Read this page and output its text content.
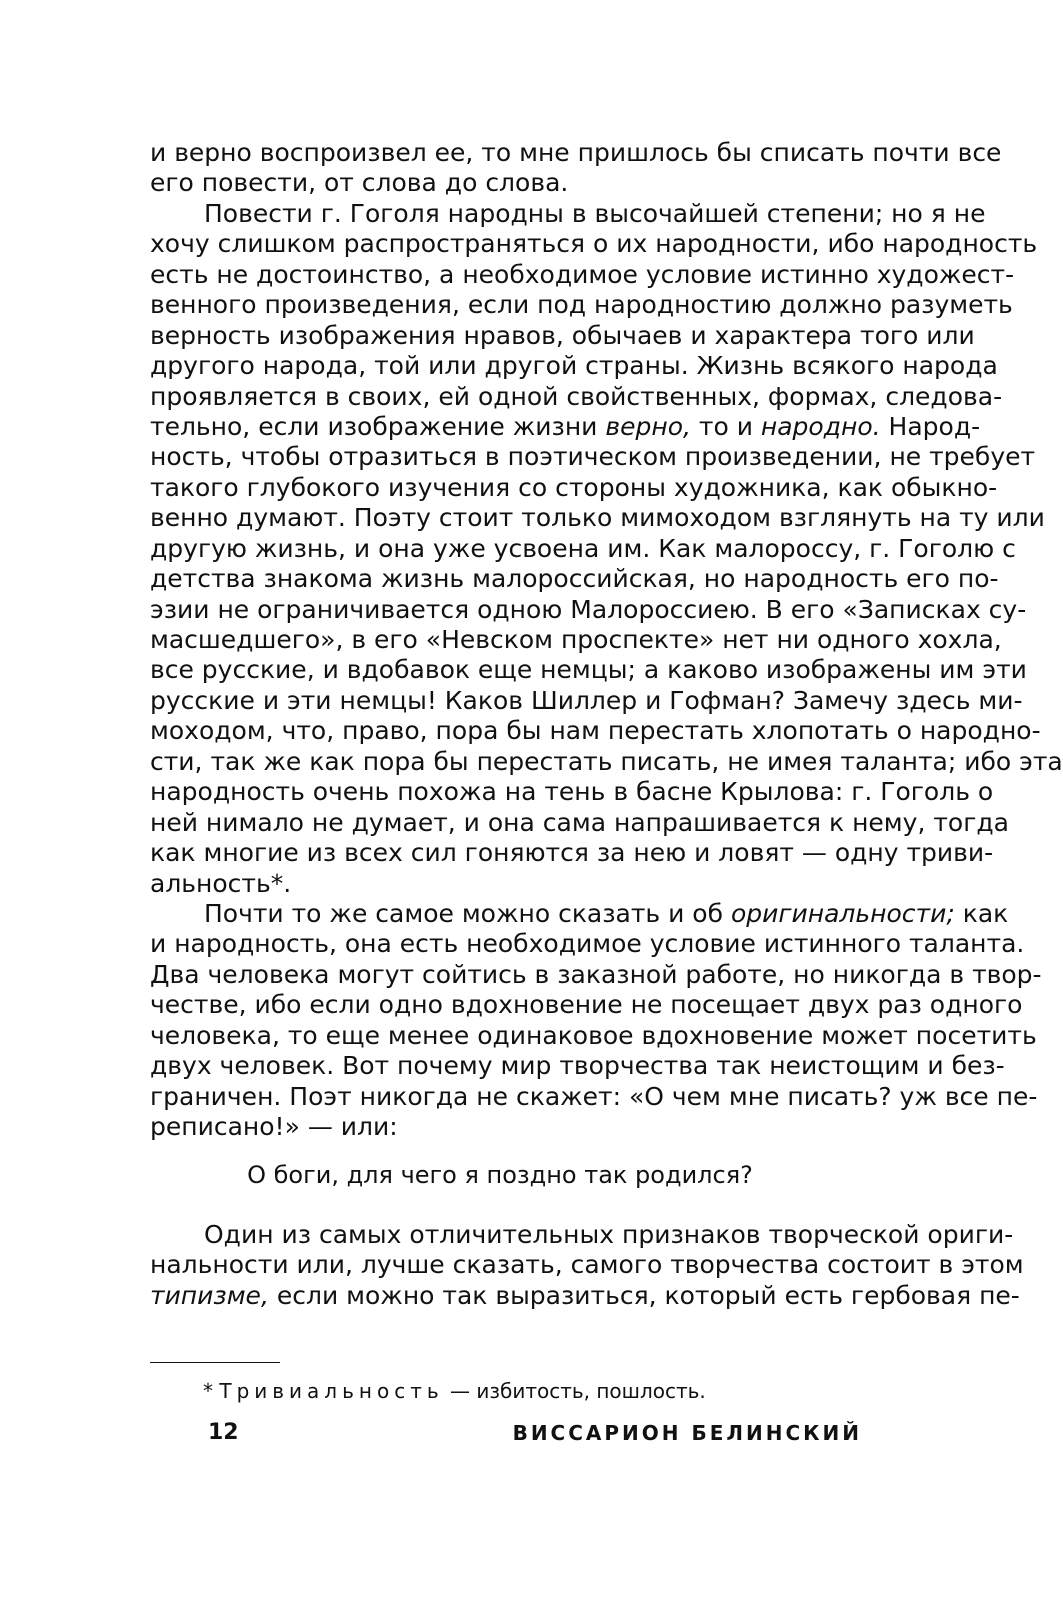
и верно воспроизвел ее, то мне пришлось бы списать почти все
его повести, от слова до слова.
Повести г. Гоголя народны в высочайшей степени; но я не
хочу слишком распространяться о их народности, ибо народность
есть не достоинство, а необходимое условие истинно художест-
венного произведения, если под народностию должно разуметь
верность изображения нравов, обычаев и характера того или
другого народа, той или другой страны. Жизнь всякого народа
проявляется в своих, ей одной свойственных, формах, следова-
тельно, если изображение жизни верно, то и народно. Народ-
ность, чтобы отразиться в поэтическом произведении, не требует
такого глубокого изучения со стороны художника, как обыкно-
венно думают. Поэту стоит только мимоходом взглянуть на ту или
другую жизнь, и она уже усвоена им. Как малороссу, г. Гоголю с
детства знакома жизнь малороссийская, но народность его по-
эзии не ограничивается одною Малороссиею. В его «Записках су-
масшедшего», в его «Невском проспекте» нет ни одного хохла,
все русские, и вдобавок еще немцы; а каково изображены им эти
русские и эти немцы! Каков Шиллер и Гофман? Замечу здесь ми-
моходом, что, право, пора бы нам перестать хлопотать о народно-
сти, так же как пора бы перестать писать, не имея таланта; ибо эта
народность очень похожа на тень в басне Крылова: г. Гоголь о
ней нимало не думает, и она сама напрашивается к нему, тогда
как многие из всех сил гоняются за нею и ловят — одну триви-
альность*.
Почти то же самое можно сказать и об оригинальности; как
и народность, она есть необходимое условие истинного таланта.
Два человека могут сойтись в заказной работе, но никогда в твор-
честве, ибо если одно вдохновение не посещает двух раз одного
человека, то еще менее одинаковое вдохновение может посетить
двух человек. Вот почему мир творчества так неистощим и без-
граничен. Поэт никогда не скажет: «О чем мне писать? уж все пе-
реписано!» — или:
О боги, для чего я поздно так родился?
Один из самых отличительных признаков творческой ориги-
нальности или, лучше сказать, самого творчества состоит в этом
типизме, если можно так выразиться, который есть гербовая пе-
* Тривиальность — избитость, пошлость.
12	ВИССАРИОН БЕЛИНСКИЙ
